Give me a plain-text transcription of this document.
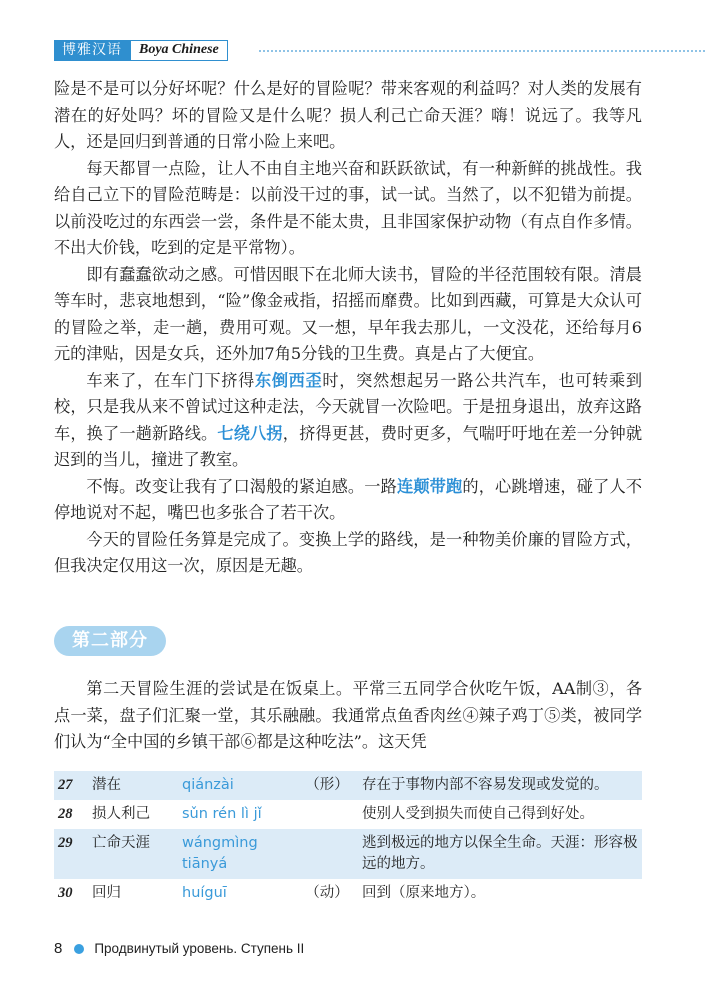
博雅汉语	Boya Chinese

险是不是可以分好坏呢？什么是好的冒险呢？带来客观的利益吗？对人类的发展有潜在的好处吗？坏的冒险又是什么呢？损人利己亡命天涯？嗨！说远了。我等凡人，还是回归到普通的日常小险上来吧。

每天都冒一点险，让人不由自主地兴奋和跃跃欲试，有一种新鲜的挑战性。我给自己立下的冒险范畴是：以前没干过的事，试一试。当然了，以不犯错为前提。以前没吃过的东西尝一尝，条件是不能太贵，且非国家保护动物（有点自作多情。不出大价钱，吃到的定是平常物）。

即有蠢蠢欲动之感。可惜因眼下在北师大读书，冒险的半径范围较有限。清晨等车时，悲哀地想到，“险”像金戒指，招摇而靡费。比如到西藏，可算是大众认可的冒险之举，走一趟，费用可观。又一想，早年我去那儿，一文没花，还给每月6元的津贴，因是女兵，还外加7角5分钱的卫生费。真是占了大便宜。

车来了，在车门下挤得东倒西歪时，突然想起另一路公共汽车，也可转乘到校，只是我从来不曾试过这种走法，今天就冒一次险吧。于是扭身退出，放弃这路车，换了一趟新路线。七绕八拐，挤得更甚，费时更多，气喘吁吁地在差一分钟就迟到的当儿，撞进了教室。

不悔。改变让我有了口渴般的紧迫感。一路连颠带跑的，心跳增速，碰了人不停地说对不起，嘴巴也多张合了若干次。

今天的冒险任务算是完成了。变换上学的路线，是一种物美价廉的冒险方式，但我决定仅用这一次，原因是无趣。

第二部分

第二天冒险生涯的尝试是在饭桌上。平常三五同学合伙吃午饭，AA制③，各点一菜，盘子们汇聚一堂，其乐融融。我通常点鱼香肉丝④辣子鸡丁⑤类，被同学们认为“全中国的乡镇干部⑥都是这种吃法”。这天凭

27	潜在	qiánzài	（形）	存在于事物内部不容易发现或发觉的。
28	损人利己	sǔn rén lì jǐ		使别人受到损失而使自己得到好处。
29	亡命天涯	wángmìng tiānyá		逃到极远的地方以保全生命。天涯：形容极远的地方。
30	回归	huíguī	（动）	回到（原来地方）。
8 Продвинутый уровень. Ступень II
